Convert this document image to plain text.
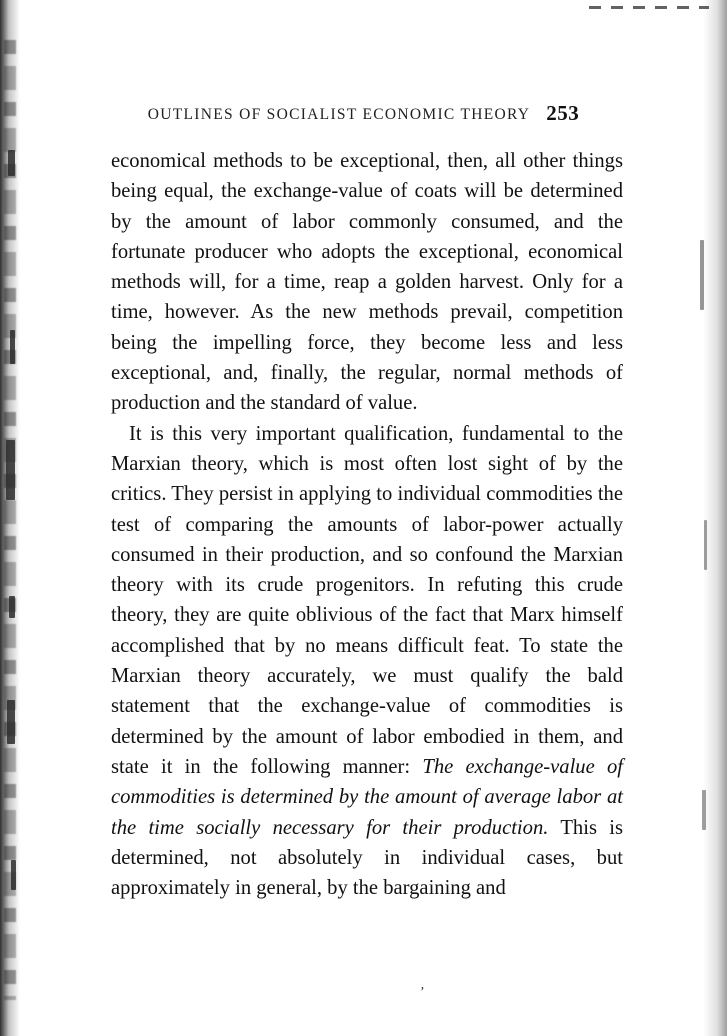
OUTLINES OF SOCIALIST ECONOMIC THEORY 253

economical methods to be exceptional, then, all other things being equal, the exchange-value of coats will be determined by the amount of labor commonly consumed, and the fortunate producer who adopts the exceptional, economical methods will, for a time, reap a golden harvest. Only for a time, however. As the new methods prevail, competition being the impelling force, they become less and less exceptional, and, finally, the regular, normal methods of production and the standard of value.

It is this very important qualification, fundamental to the Marxian theory, which is most often lost sight of by the critics. They persist in applying to individual commodities the test of comparing the amounts of labor-power actually consumed in their production, and so confound the Marxian theory with its crude progenitors. In refuting this crude theory, they are quite oblivious of the fact that Marx himself accomplished that by no means difficult feat. To state the Marxian theory accurately, we must qualify the bald statement that the exchange-value of commodities is determined by the amount of labor embodied in them, and state it in the following manner: The exchange-value of commodities is determined by the amount of average labor at the time socially necessary for their production. This is determined, not absolutely in individual cases, but approximately in general, by the bargaining and

’
